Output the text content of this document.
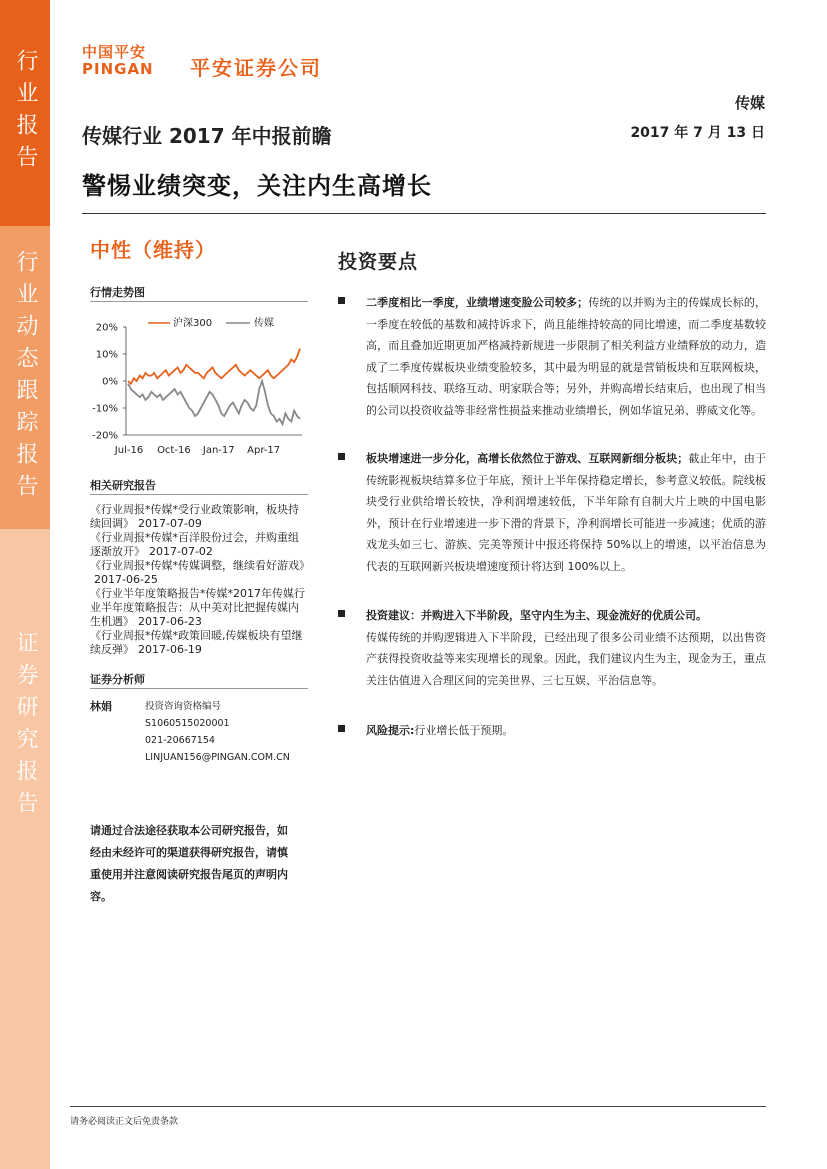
行业报告
行业动态跟踪报告
证券研究报告
中国平安
PINGAN 平安证券公司
传媒
传媒行业 2017 年中报前瞻	2017 年 7 月 13 日
警惕业绩突变，关注内生高增长
中性（维持）
行情走势图
20%
10%
0%
-10%
-20%
Jul-16 Oct-16 Jan-17 Apr-17
沪深300	传媒
相关研究报告
《行业周报*传媒*受行业政策影响，板块持续回调》 2017-07-09
《行业周报*传媒*百洋股份过会，并购重组逐渐放开》 2017-07-02
《行业周报*传媒*传媒调整，继续看好游戏》2017-06-25
《行业半年度策略报告*传媒*2017年传媒行业半年度策略报告：从中美对比把握传媒内生机遇》 2017-06-23
《行业周报*传媒*政策回暖,传媒板块有望继续反弹》 2017-06-19
证券分析师
林娟	投资咨询资格编号
S1060515020001
021-20667154
LINJUAN156@PINGAN.COM.CN
请通过合法途径获取本公司研究报告，如经由未经许可的渠道获得研究报告，请慎重使用并注意阅读研究报告尾页的声明内容。
投资要点
二季度相比一季度，业绩增速变脸公司较多；传统的以并购为主的传媒成长标的，一季度在较低的基数和减持诉求下，尚且能维持较高的同比增速，而二季度基数较高，而且叠加近期更加严格减持新规进一步限制了相关利益方业绩释放的动力，造成了二季度传媒板块业绩变脸较多，其中最为明显的就是营销板块和互联网板块，包括顺网科技、联络互动、明家联合等；另外，并购高增长结束后，也出现了相当的公司以投资收益等非经常性损益来推动业绩增长，例如华谊兄弟、骅威文化等。
板块增速进一步分化，高增长依然位于游戏、互联网新细分板块；截止年中，由于传统影视板块结算多位于年底，预计上半年保持稳定增长，参考意义较低。院线板块受行业供给增长较快，净利润增速较低，下半年除有自制大片上映的中国电影外，预计在行业增速进一步下滑的背景下，净利润增长可能进一步减速；优质的游戏龙头如三七、游族、完美等预计中报还将保持 50%以上的增速，以平治信息为代表的互联网新兴板块增速度预计将达到 100%以上。
投资建议：并购进入下半阶段，坚守内生为主、现金流好的优质公司。
传媒传统的并购逻辑进入下半阶段，已经出现了很多公司业绩不达预期，以出售资产获得投资收益等来实现增长的现象。因此，我们建议内生为主，现金为王，重点关注估值进入合理区间的完美世界、三七互娱、平治信息等。
风险提示:行业增长低于预期。
请务必阅读正文后免责条款
